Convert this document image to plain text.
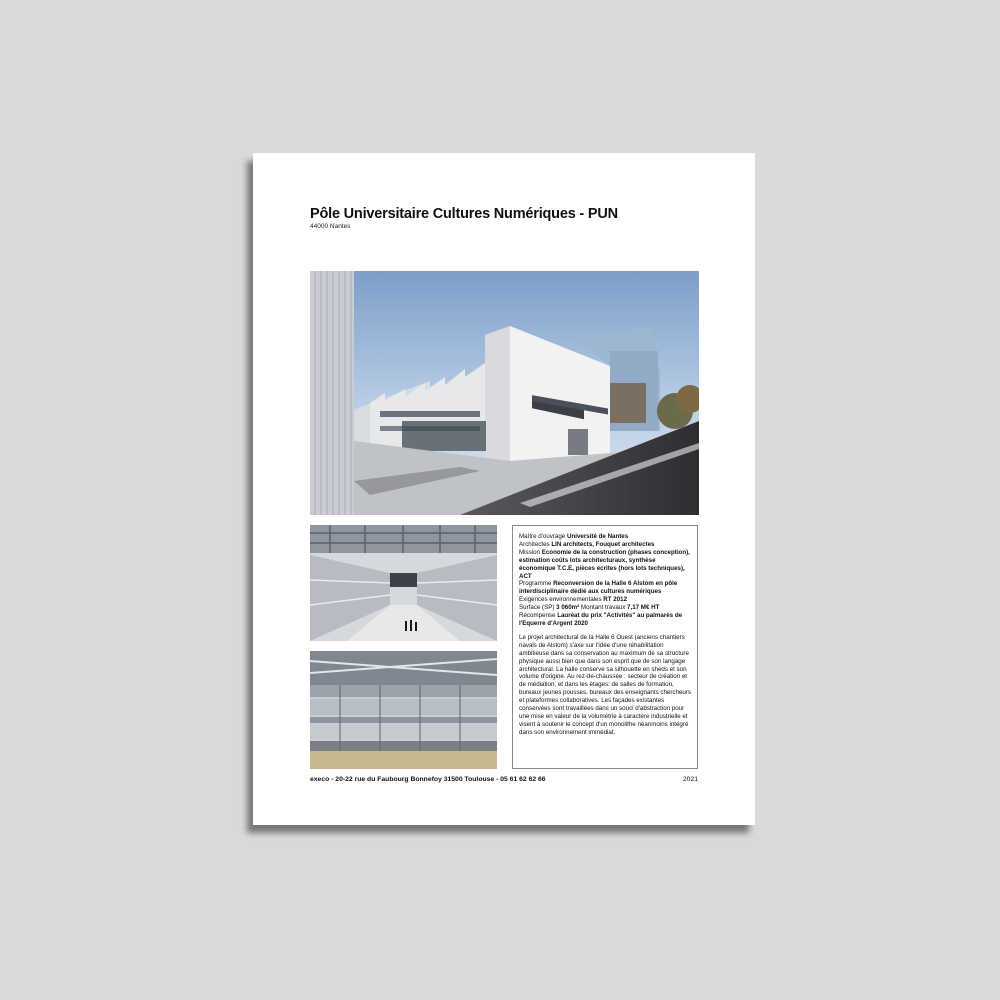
Pôle Universitaire Cultures Numériques - PUN
44000 Nantes
Maître d'ouvrage Université de Nantes
Architectes LIN architects, Fouquet architectes
Mission Economie de la construction (phases conception), estimation coûts lots architecturaux, synthèse économique T.C.E, pièces écrites (hors lots techniques), ACT
Programme Reconversion de la Halle 6 Alstom en pôle interdisciplinaire dédié aux cultures numériques
Exigences environnementales RT 2012
Surface (SP) 3 060m² Montant travaux 7,17 M€ HT
Récompense Lauréat du prix "Activités" au palmarès de l'Equerre d'Argent 2020
Le projet architectural de la Halle 6 Ouest (anciens chantiers navals de Alstom) s'axe sur l'idée d'une réhabilitation ambitieuse dans sa conservation au maximum de sa structure physique aussi bien que dans son esprit que de son langage architectural. La halle conserve sa silhouette en sheds et son volume d'origine. Au rez-de-chaussée : secteur de création et de médiation, et dans les étages: de salles de formation, bureaux jeunes pousses, bureaux des enseignants chercheurs et plateformes collaboratives. Les façades existantes conservées sont travaillées dans un souci d'abstraction pour une mise en valeur de la volumétrie à caractère industrielle et visent à soutenir le concept d'un monolithe néanmoins intégré dans son environnement immédiat.
execo - 20-22 rue du Faubourg Bonnefoy 31500 Toulouse - 05 61 62 62 66	2021
